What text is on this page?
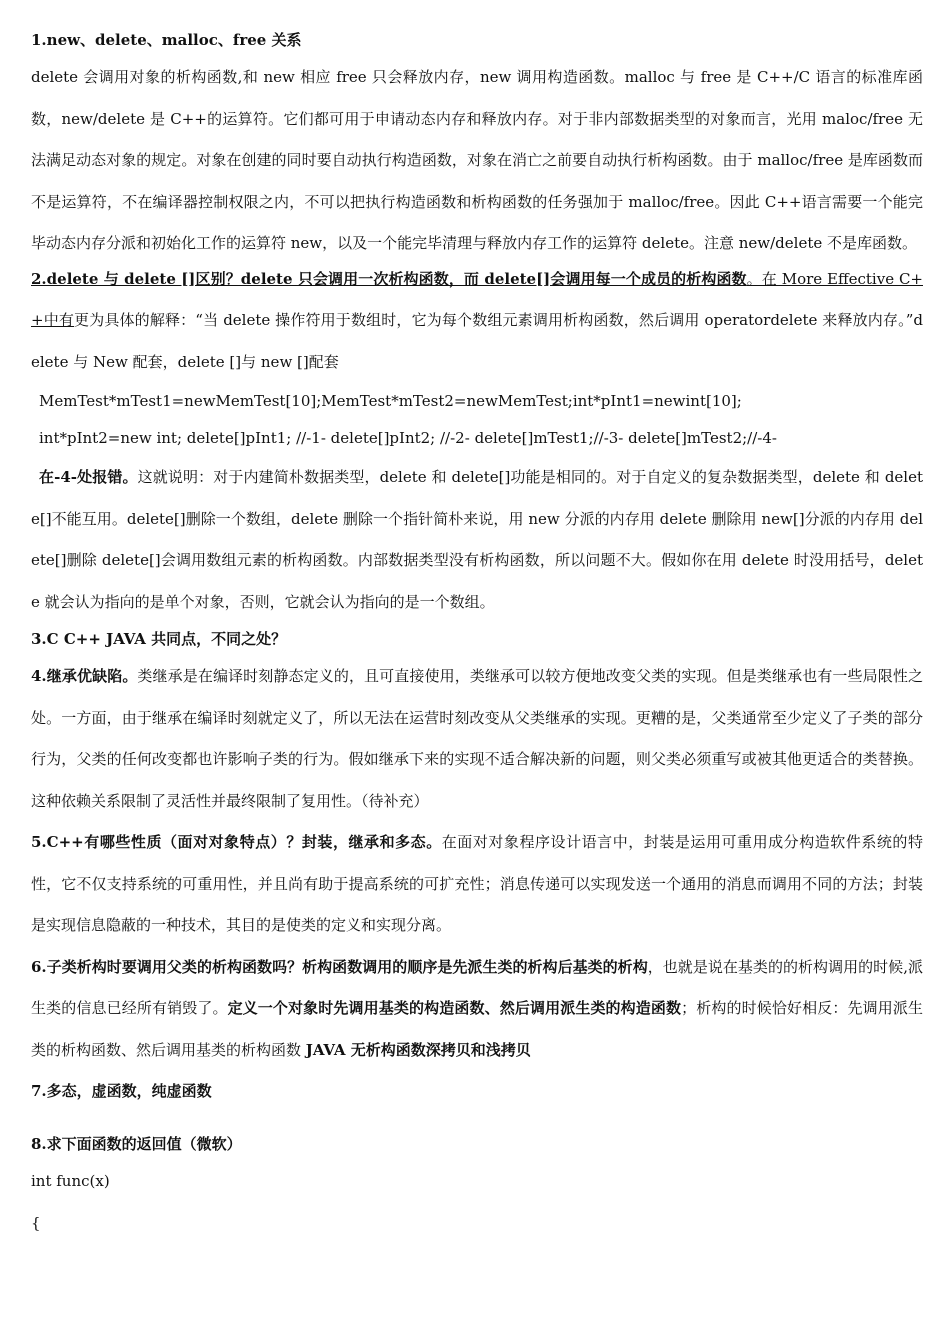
1.new、delete、malloc、free 关系

delete 会调用对象的析构函数,和 new 相应 free 只会释放内存，new 调用构造函数。malloc 与 free 是 C++/C 语言的标准库函数，new/delete 是 C++的运算符。它们都可用于申请动态内存和释放内存。对于非内部数据类型的对象而言，光用 maloc/free 无法满足动态对象的规定。对象在创建的同时要自动执行构造函数，对象在消亡之前要自动执行析构函数。由于 malloc/free 是库函数而不是运算符，不在编译器控制权限之内，不可以把执行构造函数和析构函数的任务强加于 malloc/free。因此 C++语言需要一个能完毕动态内存分派和初始化工作的运算符 new，以及一个能完毕清理与释放内存工作的运算符 delete。注意 new/delete 不是库函数。

2.delete 与 delete []区别？delete 只会调用一次析构函数，而 delete[]会调用每一个成员的析构函数。在 More Effective C++中有更为具体的解释：“当 delete 操作符用于数组时，它为每个数组元素调用析构函数，然后调用 operatordelete 来释放内存。”delete 与 New 配套，delete []与 new []配套

MemTest*mTest1=newMemTest[10];MemTest*mTest2=newMemTest;int*pInt1=newint[10];

int*pInt2=new int; delete[]pInt1; //-1- delete[]pInt2; //-2- delete[]mTest1;//-3- delete[]mTest2;//-4-

在-4-处报错。这就说明：对于内建简朴数据类型，delete 和 delete[]功能是相同的。对于自定义的复杂数据类型，delete 和 delete[]不能互用。delete[]删除一个数组，delete 删除一个指针简朴来说，用 new 分派的内存用 delete 删除用 new[]分派的内存用 delete[]删除 delete[]会调用数组元素的析构函数。内部数据类型没有析构函数，所以问题不大。假如你在用 delete 时没用括号，delete 就会认为指向的是单个对象，否则，它就会认为指向的是一个数组。

3.C C++ JAVA 共同点，不同之处？

4.继承优缺陷。类继承是在编译时刻静态定义的，且可直接使用，类继承可以较方便地改变父类的实现。但是类继承也有一些局限性之处。一方面，由于继承在编译时刻就定义了，所以无法在运营时刻改变从父类继承的实现。更糟的是，父类通常至少定义了子类的部分行为，父类的任何改变都也许影响子类的行为。假如继承下来的实现不适合解决新的问题，则父类必须重写或被其他更适合的类替换。这种依赖关系限制了灵活性并最终限制了复用性。（待补充）

5.C++有哪些性质（面对对象特点）？封装，继承和多态。在面对对象程序设计语言中，封装是运用可重用成分构造软件系统的特性，它不仅支持系统的可重用性，并且尚有助于提高系统的可扩充性；消息传递可以实现发送一个通用的消息而调用不同的方法；封装是实现信息隐蔽的一种技术，其目的是使类的定义和实现分离。

6.子类析构时要调用父类的析构函数吗？析构函数调用的顺序是先派生类的析构后基类的析构，也就是说在基类的的析构调用的时候,派生类的信息已经所有销毁了。定义一个对象时先调用基类的构造函数、然后调用派生类的构造函数；析构的时候恰好相反：先调用派生类的析构函数、然后调用基类的析构函数 JAVA 无析构函数深拷贝和浅拷贝

7.多态，虚函数，纯虚函数

8.求下面函数的返回值（微软）

int func(x)

{
